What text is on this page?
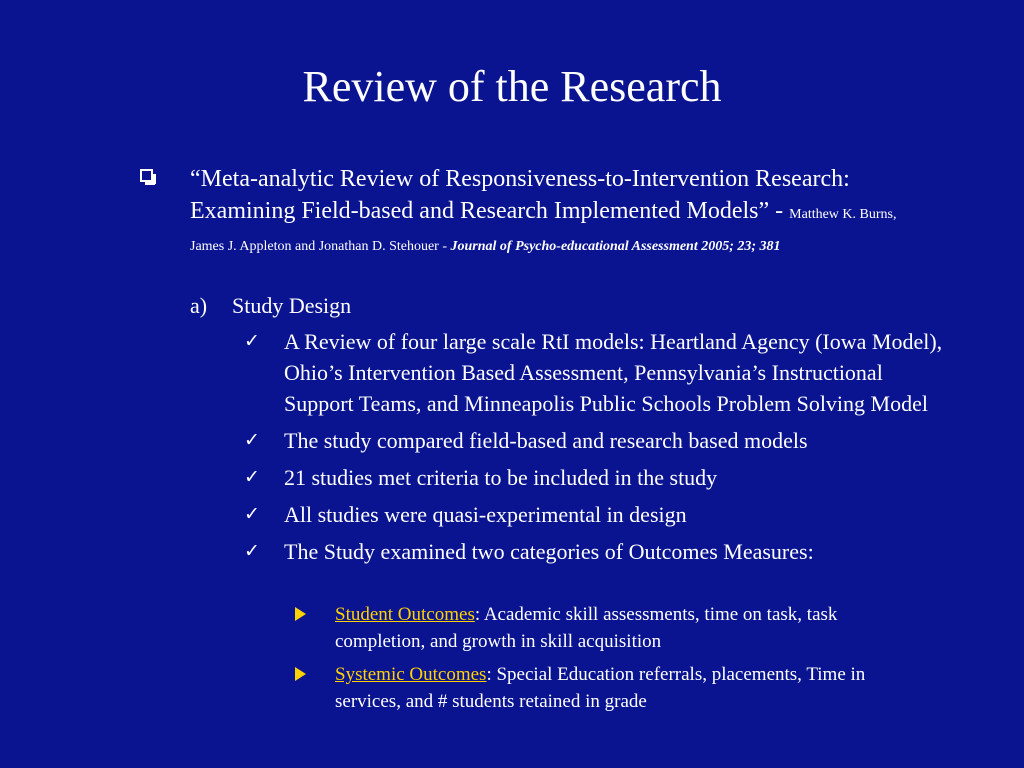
Review of the Research
“Meta-analytic Review of Responsiveness-to-Intervention Research: Examining Field-based and Research Implemented Models” - Matthew K. Burns, James J. Appleton and Jonathan D. Stehouer - Journal of Psycho-educational Assessment 2005; 23; 381
a) Study Design
✓ A Review of four large scale RtI models: Heartland Agency (Iowa Model), Ohio’s Intervention Based Assessment, Pennsylvania’s Instructional Support Teams, and Minneapolis Public Schools Problem Solving Model
✓ The study compared field-based and research based models
✓ 21 studies met criteria to be included in the study
✓ All studies were quasi-experimental in design
✓ The Study examined two categories of Outcomes Measures:
Student Outcomes: Academic skill assessments, time on task, task completion, and growth in skill acquisition
Systemic Outcomes: Special Education referrals, placements, Time in services, and # students retained in grade
